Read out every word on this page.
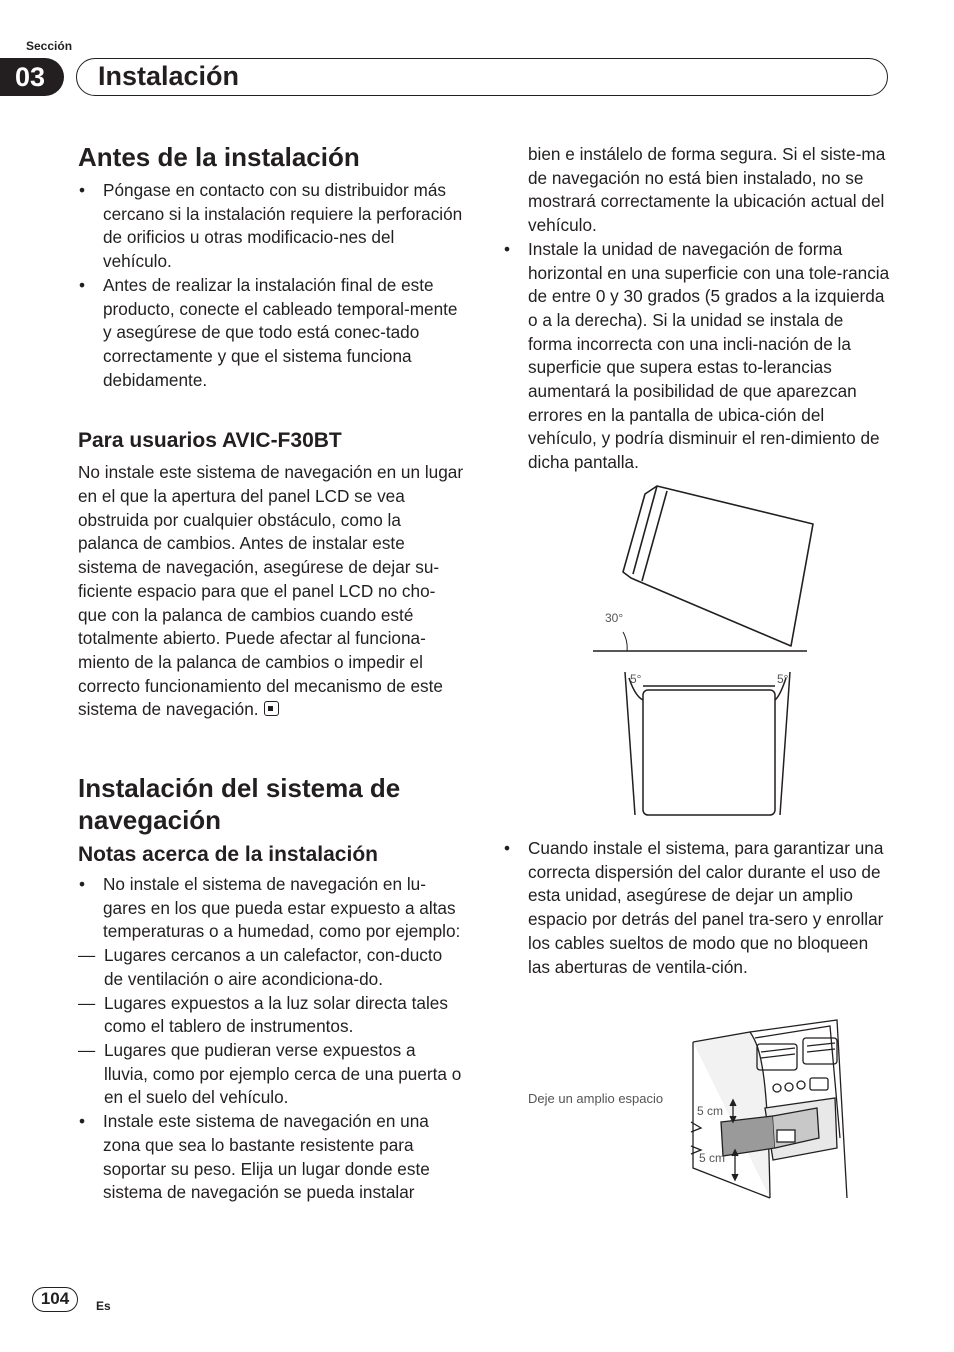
Sección
03	Instalación
Antes de la instalación
• Póngase en contacto con su distribuidor más cercano si la instalación requiere la perforación de orificios u otras modificacio-nes del vehículo.
• Antes de realizar la instalación final de este producto, conecte el cableado temporal-mente y asegúrese de que todo está conec-tado correctamente y que el sistema funciona debidamente.
Para usuarios AVIC-F30BT

No instale este sistema de navegación en un lugar en el que la apertura del panel LCD se vea obstruida por cualquier obstáculo, como la palanca de cambios. Antes de instalar este sistema de navegación, asegúrese de dejar su-ficiente espacio para que el panel LCD no cho-que con la palanca de cambios cuando esté totalmente abierto. Puede afectar al funciona-miento de la palanca de cambios o impedir el correcto funcionamiento del mecanismo de este sistema de navegación.

Instalación del sistema de navegación
Notas acerca de la instalación
• No instale el sistema de navegación en lu-gares en los que pueda estar expuesto a altas temperaturas o a humedad, como por ejemplo:
— Lugares cercanos a un calefactor, con-ducto de ventilación o aire acondiciona-do.
— Lugares expuestos a la luz solar directa tales como el tablero de instrumentos.
— Lugares que pudieran verse expuestos a lluvia, como por ejemplo cerca de una puerta o en el suelo del vehículo.
• Instale este sistema de navegación en una zona que sea lo bastante resistente para soportar su peso. Elija un lugar donde este sistema de navegación se pueda instalar

bien e instálelo de forma segura. Si el siste-ma de navegación no está bien instalado, no se mostrará correctamente la ubicación actual del vehículo.

• Instale la unidad de navegación de forma horizontal en una superficie con una tole-rancia de entre 0 y 30 grados (5 grados a la izquierda o a la derecha). Si la unidad se instala de forma incorrecta con una incli-nación de la superficie que supera estas to-lerancias aumentará la posibilidad de que aparezcan errores en la pantalla de ubica-ción del vehículo, y podría disminuir el ren-dimiento de dicha pantalla.
• Cuando instale el sistema, para garantizar una correcta dispersión del calor durante el uso de esta unidad, asegúrese de dejar un amplio espacio por detrás del panel tra-sero y enrollar los cables sueltos de modo que no bloqueen las aberturas de ventila-ción.
30°
5°	5°
Deje un amplio espacio
5 cm
5 cm
104	Es
